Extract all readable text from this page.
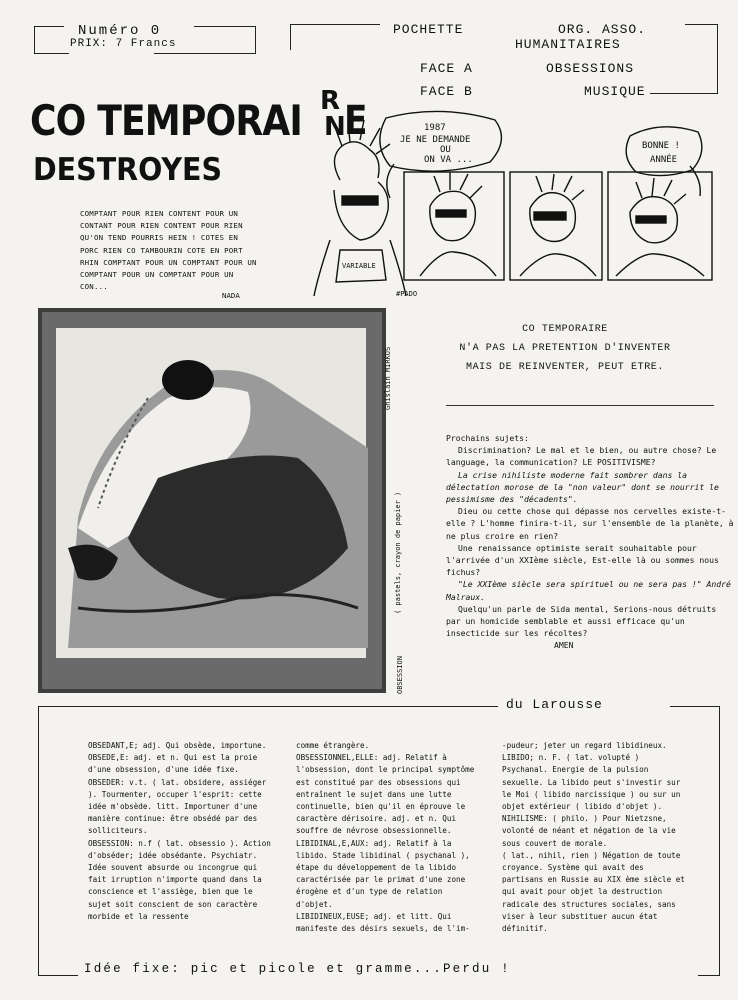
Numéro 0
PRIX: 7 Francs
POCHETTE	ORG. ASSO.
HUMANITAIRES
FACE A	OBSESSIONS
FACE B	MUSIQUE
CO TEMPORAI R
N
E
DESTROYES
COMPTANT POUR RIEN CONTENT POUR UN CONTANT POUR RIEN CONTENT POUR RIEN QU'ON TEND POURRIS HEIN ! COTES EN PORC RIEN CO TAMBOURIN COTE EN PORT RHIN COMPTANT POUR UN COMPTANT POUR UN COMPTANT POUR UN COMPTANT POUR UN CON...
NADA
1987
JE NE DEMANDE
OU
ON VA ...
BONNE !
ANNÉE
VARIABLE
#PADO
Ghislain MIRKOS
( pastels, crayon de papier )
OBSESSION
CO TEMPORAIRE
N'A PAS LA PRETENTION D'INVENTER
MAIS DE REINVENTER, PEUT ETRE.

Prochains sujets:

Discrimination? Le mal et le bien, ou autre chose? Le language, la communication? LE POSITIVISME?

La crise nihiliste moderne fait sombrer dans la délectation morose de la "non valeur" dont se nourrit le pessimisme des "décadents".

Dieu ou cette chose qui dépasse nos cervelles existe-t-elle ? L'homme finira-t-il, sur l'ensemble de la planète, à ne plus croire en rien?

Une renaissance optimiste serait souhaitable pour l'arrivée d'un XXIème siècle, Est-elle là ou sommes nous fichus?

"Le XXIème siècle sera spirituel ou ne sera pas !" André Malraux.

Quelqu'un parle de Sida mental, Serions-nous détruits par un homicide semblable et aussi efficace qu'un insecticide sur les récoltes?

AMEN

du Larousse

OBSEDANT,E; adj. Qui obsède, importune.

OBSEDE,E: adj. et n. Qui est la proie d'une obsession, d'une idée fixe.

OBSEDER: v.t. ( lat. obsidere, assiéger ). Tourmenter, occuper l'esprit: cette idée m'obsède. litt. Importuner d'une manière continue: être obsédé par des solliciteurs.

OBSESSION: n.f ( lat. obsessio ). Action d'obséder; idée obsédante. Psychiatr. Idée souvent absurde ou incongrue qui fait irruption n'importe quand dans la conscience et l'assiège, bien que le sujet soit conscient de son caractère morbide et la ressente

comme étrangère.

OBSESSIONNEL,ELLE: adj. Relatif à l'obsession, dont le principal symptôme est constitué par des obsessions qui entraînent le sujet dans une lutte continuelle, bien qu'il en éprouve le caractère dérisoire. adj. et n. Qui souffre de névrose obsessionnelle.

LIBIDINAL,E,AUX: adj. Relatif à la libido. Stade libidinal ( psychanal ), étape du développement de la libido caractérisée par le primat d'une zone érogène et d'un type de relation d'objet.

LIBIDINEUX,EUSE; adj. et litt. Qui manifeste des désirs sexuels, de l'im-

-pudeur; jeter un regard libidineux.

LIBIDO; n. F. ( lat. volupté ) Psychanal. Energie de la pulsion sexuelle. La libido peut s'investir sur le Moi ( libido narcissique ) ou sur un objet extérieur ( libido d'objet ).

NIHILISME: ( philo. ) Pour Nietzsne, volonté de néant et négation de la vie sous couvert de morale.

( lat., nihil, rien ) Négation de toute croyance. Système qui avait des partisans en Russie au XIX ème siècle et qui avait pour objet la destruction radicale des structures sociales, sans viser à leur substituer aucun état définitif.

Idée fixe: pic et picole et gramme...Perdu !
